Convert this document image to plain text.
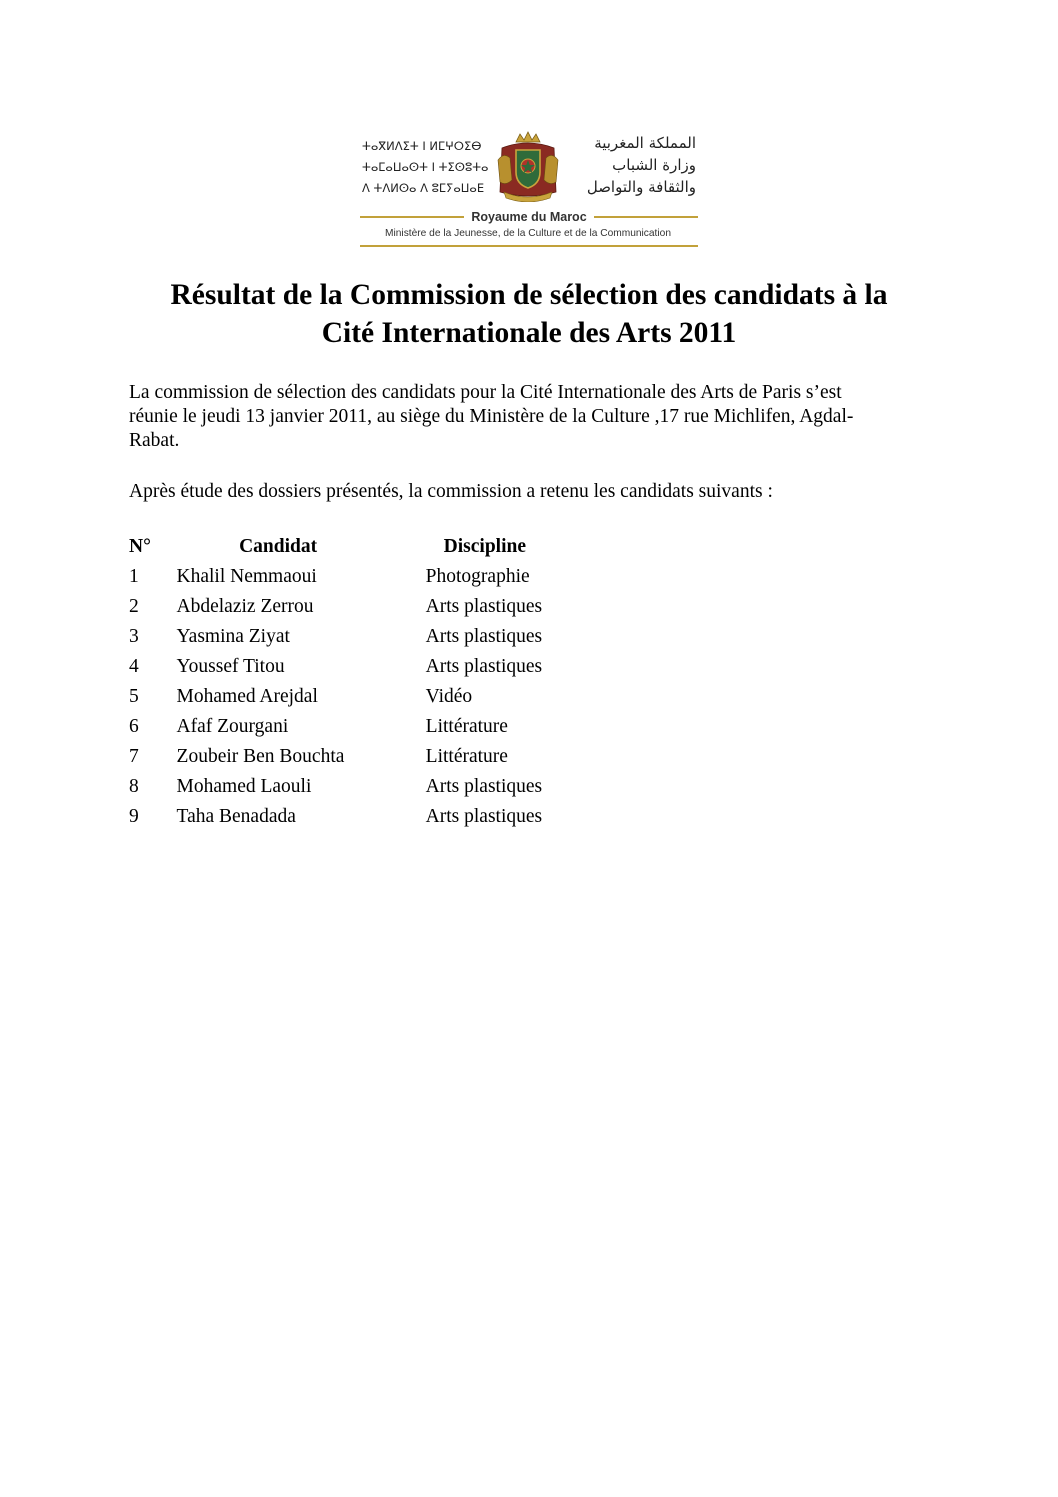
ⵜⴰⴳⵍⴷⵉⵜ ⵏ ⵍⵎⵖⵔⵉⴱ
ⵜⴰⵎⴰⵡⴰⵙⵜ ⵏ ⵜⵉⵙⵓⵜⴰ
ⴷ ⵜⴷⵍⵙⴰ ⴷ ⵓⵎⵢⴰⵡⴰⴹ
المملكة المغربية
وزارة الشباب
والثقافة والتواصل
Royaume du Maroc
Ministère de la Jeunesse, de la Culture et de la Communication
Résultat de la Commission de sélection des candidats à la
Cité Internationale des Arts 2011

La commission de sélection des candidats pour la Cité Internationale des Arts de Paris s’est
réunie le jeudi 13 janvier 2011, au siège du Ministère de la Culture ,17 rue Michlifen, Agdal-
Rabat.

Après étude des dossiers présentés, la commission a retenu les candidats suivants :

N°	Candidat	Discipline
1	Khalil Nemmaoui	Photographie
2	Abdelaziz Zerrou	Arts plastiques
3	Yasmina Ziyat	Arts plastiques
4	Youssef Titou	Arts plastiques
5	Mohamed Arejdal	Vidéo
6	Afaf Zourgani	Littérature
7	Zoubeir Ben Bouchta	Littérature
8	Mohamed Laouli	Arts plastiques
9	Taha Benadada	Arts plastiques
